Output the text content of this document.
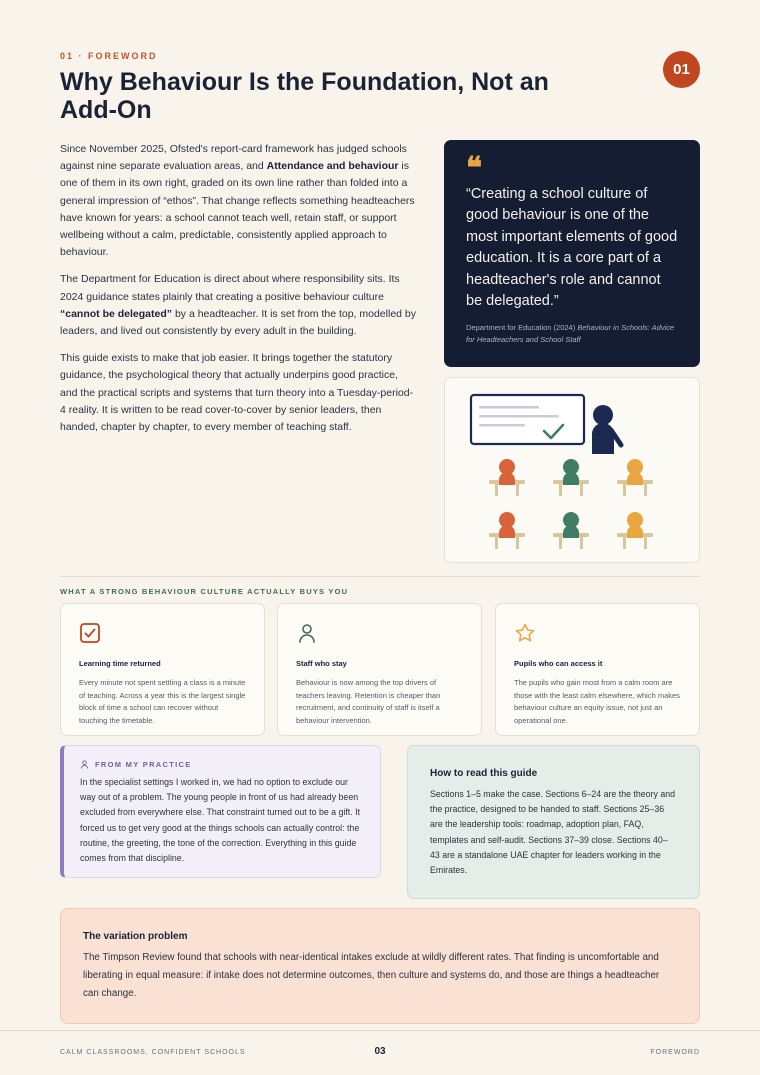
01 · FOREWORD
Why Behaviour Is the Foundation, Not an Add-On
01

Since November 2025, Ofsted's report-card framework has judged schools against nine separate evaluation areas, and Attendance and behaviour is one of them in its own right, graded on its own line rather than folded into a general impression of “ethos”. That change reflects something headteachers have known for years: a school cannot teach well, retain staff, or support wellbeing without a calm, predictable, consistently applied approach to behaviour.

The Department for Education is direct about where responsibility sits. Its 2024 guidance states plainly that creating a positive behaviour culture “cannot be delegated” by a headteacher. It is set from the top, modelled by leaders, and lived out consistently by every adult in the building.

This guide exists to make that job easier. It brings together the statutory guidance, the psychological theory that actually underpins good practice, and the practical scripts and systems that turn theory into a Tuesday-period-4 reality. It is written to be read cover-to-cover by senior leaders, then handed, chapter by chapter, to every member of teaching staff.

❝
“Creating a school culture of good behaviour is one of the most important elements of good education. It is a core part of a headteacher's role and cannot be delegated.”
Department for Education (2024) Behaviour in Schools: Advice for Headteachers and School Staff
WHAT A STRONG BEHAVIOUR CULTURE ACTUALLY BUYS YOU
Learning time returned
Every minute not spent settling a class is a minute of teaching. Across a year this is the largest single block of time a school can recover without touching the timetable.
Staff who stay
Behaviour is now among the top drivers of teachers leaving. Retention is cheaper than recruitment, and continuity of staff is itself a behaviour intervention.
Pupils who can access it
The pupils who gain most from a calm room are those with the least calm elsewhere, which makes behaviour culture an equity issue, not just an operational one.
FROM MY PRACTICE
In the specialist settings I worked in, we had no option to exclude our way out of a problem. The young people in front of us had already been excluded from everywhere else. That constraint turned out to be a gift. It forced us to get very good at the things schools can actually control: the routine, the greeting, the tone of the correction. Everything in this guide comes from that discipline.
How to read this guide
Sections 1–5 make the case. Sections 6–24 are the theory and the practice, designed to be handed to staff. Sections 25–36 are the leadership tools: roadmap, adoption plan, FAQ, templates and self-audit. Sections 37–39 close. Sections 40–43 are a standalone UAE chapter for leaders working in the Emirates.
The variation problem
The Timpson Review found that schools with near-identical intakes exclude at wildly different rates. That finding is uncomfortable and liberating in equal measure: if intake does not determine outcomes, then culture and systems do, and those are things a headteacher can change.
CALM CLASSROOMS, CONFIDENT SCHOOLS	03	FOREWORD
